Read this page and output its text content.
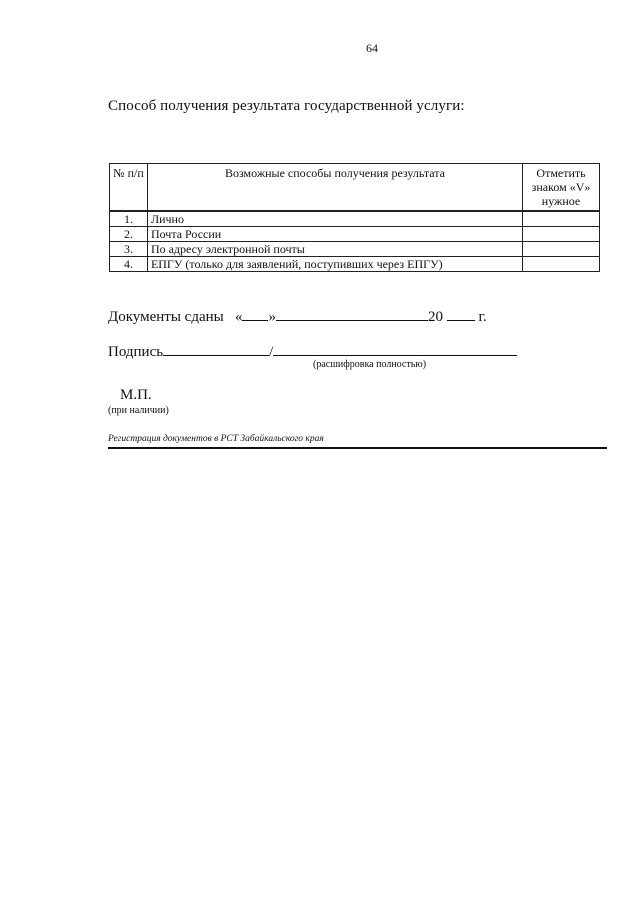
64
Способ получения результата государственной услуги:
№ п/п	Возможные способы получения результата	Отметить знаком «V» нужное
1.	Лично	
2.	Почта России	
3.	По адресу электронной почты	
4.	ЕПГУ (только для заявлений, поступивших через ЕПГУ)	
Документы сданы « »	20 г.
Подпись	/
(расшифровка полностью)
М.П.
(при наличии)
Регистрация документов в РСТ Забайкальского края
